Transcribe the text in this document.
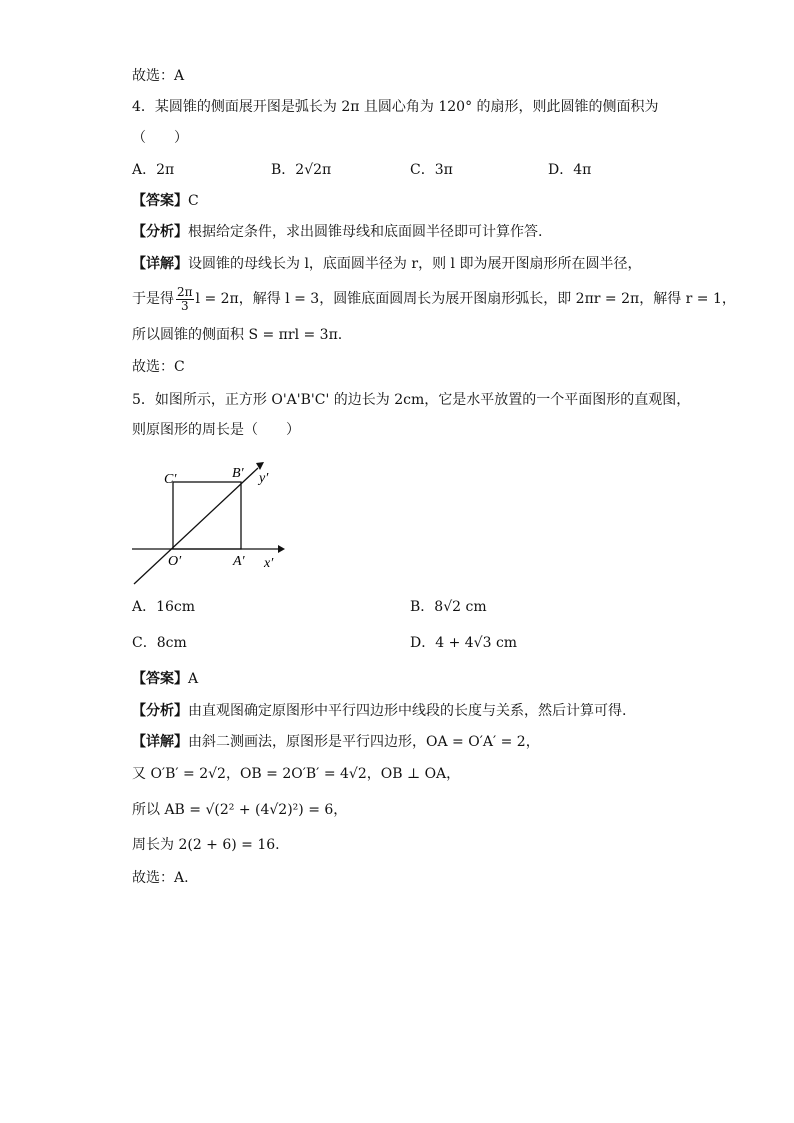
故选：A
4．某圆锥的侧面展开图是弧长为 2π 且圆心角为 120° 的扇形，则此圆锥的侧面积为
（　　）
A．2π	B．2√2π	C．3π	D．4π
【答案】C
【分析】根据给定条件，求出圆锥母线和底面圆半径即可计算作答.
【详解】设圆锥的母线长为 l，底面圆半径为 r，则 l 即为展开图扇形所在圆半径，
于是得 $\frac{2\pi}{3}$ l = 2π，解得 l = 3，圆锥底面圆周长为展开图扇形弧长，即 2πr = 2π，解得 r = 1，
所以圆锥的侧面积 S = πrl = 3π.
故选：C
5．如图所示，正方形 O'A'B'C' 的边长为 2cm，它是水平放置的一个平面图形的直观图，
则原图形的周长是（　　）
C′	B′ y′
O′	A′ x′
A．16cm	B．8√2 cm
C．8cm	D．4 + 4√3 cm
【答案】A
【分析】由直观图确定原图形中平行四边形中线段的长度与关系，然后计算可得.
【详解】由斜二测画法，原图形是平行四边形，OA = O′A′ = 2，
又 O′B′ = 2√2，OB = 2O′B′ = 4√2，OB ⊥ OA，
所以 AB = √(2² + (4√2)²) = 6，
周长为 2(2 + 6) = 16.
故选：A.
